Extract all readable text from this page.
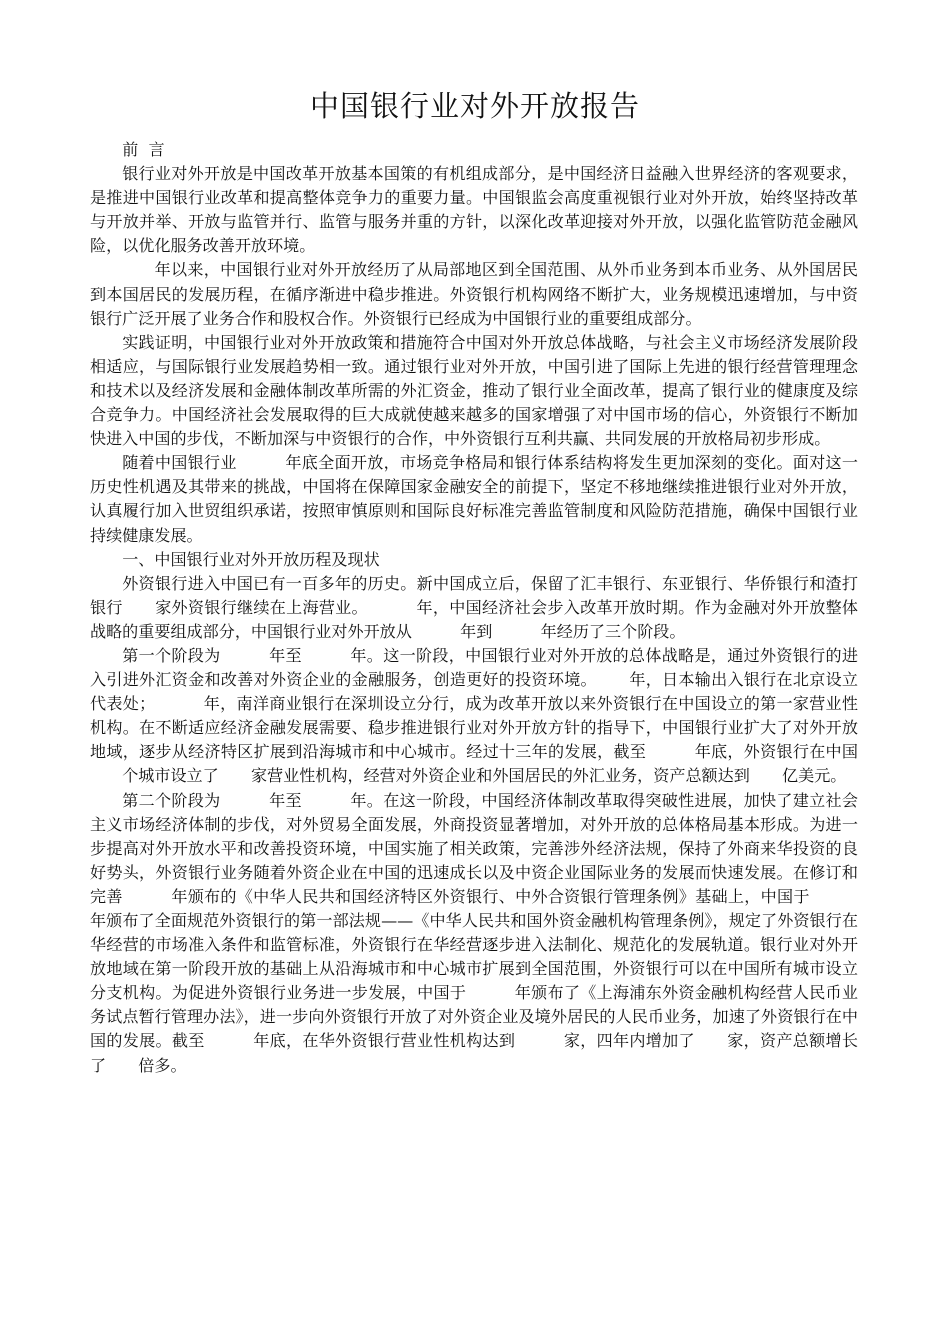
中国银行业对外开放报告

前  言

银行业对外开放是中国改革开放基本国策的有机组成部分，是中国经济日益融入世界经济的客观要求，是推进中国银行业改革和提高整体竞争力的重要力量。中国银监会高度重视银行业对外开放，始终坚持改革与开放并举、开放与监管并行、监管与服务并重的方针，以深化改革迎接对外开放，以强化监管防范金融风险，以优化服务改善开放环境。

年以来，中国银行业对外开放经历了从局部地区到全国范围、从外币业务到本币业务、从外国居民到本国居民的发展历程，在循序渐进中稳步推进。外资银行机构网络不断扩大，业务规模迅速增加，与中资银行广泛开展了业务合作和股权合作。外资银行已经成为中国银行业的重要组成部分。

实践证明，中国银行业对外开放政策和措施符合中国对外开放总体战略，与社会主义市场经济发展阶段相适应，与国际银行业发展趋势相一致。通过银行业对外开放，中国引进了国际上先进的银行经营管理理念和技术以及经济发展和金融体制改革所需的外汇资金，推动了银行业全面改革，提高了银行业的健康度及综合竞争力。中国经济社会发展取得的巨大成就使越来越多的国家增强了对中国市场的信心，外资银行不断加快进入中国的步伐，不断加深与中资银行的合作，中外资银行互利共赢、共同发展的开放格局初步形成。

随着中国银行业	年底全面开放，市场竞争格局和银行体系结构将发生更加深刻的变化。面对这一历史性机遇及其带来的挑战，中国将在保障国家金融安全的前提下，坚定不移地继续推进银行业对外开放，认真履行加入世贸组织承诺，按照审慎原则和国际良好标准完善监管制度和风险防范措施，确保中国银行业持续健康发展。

一、中国银行业对外开放历程及现状

外资银行进入中国已有一百多年的历史。新中国成立后，保留了汇丰银行、东亚银行、华侨银行和渣打银行 家外资银行继续在上海营业。	年，中国经济社会步入改革开放时期。作为金融对外开放整体战略的重要组成部分，中国银行业对外开放从	年到	年经历了三个阶段。

第一个阶段为	年至	年。这一阶段，中国银行业对外开放的总体战略是，通过外资银行的进入引进外汇资金和改善对外资企业的金融服务，创造更好的投资环境。 年，日本输出入银行在北京设立代表处；	年，南洋商业银行在深圳设立分行，成为改革开放以来外资银行在中国设立的第一家营业性机构。在不断适应经济金融发展需要、稳步推进银行业对外开放方针的指导下，中国银行业扩大了对外开放地域，逐步从经济特区扩展到沿海城市和中心城市。经过十三年的发展，截至	年底，外资银行在中国个城市设立了 家营业性机构，经营对外资企业和外国居民的外汇业务，资产总额达到 亿美元。

第二个阶段为	年至	年。在这一阶段，中国经济体制改革取得突破性进展，加快了建立社会主义市场经济体制的步伐，对外贸易全面发展，外商投资显著增加，对外开放的总体格局基本形成。为进一步提高对外开放水平和改善投资环境，中国实施了相关政策，完善涉外经济法规，保持了外商来华投资的良好势头，外资银行业务随着外资企业在中国的迅速成长以及中资企业国际业务的发展而快速发展。在修订和完善	年颁布的《中华人民共和国经济特区外资银行、中外合资银行管理条例》基础上，中国于年颁布了全面规范外资银行的第一部法规——《中华人民共和国外资金融机构管理条例》，规定了外资银行在华经营的市场准入条件和监管标准，外资银行在华经营逐步进入法制化、规范化的发展轨道。银行业对外开放地域在第一阶段开放的基础上从沿海城市和中心城市扩展到全国范围，外资银行可以在中国所有城市设立分支机构。为促进外资银行业务进一步发展，中国于	年颁布了《上海浦东外资金融机构经营人民币业务试点暂行管理办法》，进一步向外资银行开放了对外资企业及境外居民的人民币业务，加速了外资银行在中国的发展。截至	年底，在华外资银行营业性机构达到	家，四年内增加了 家，资产总额增长了 倍多。
